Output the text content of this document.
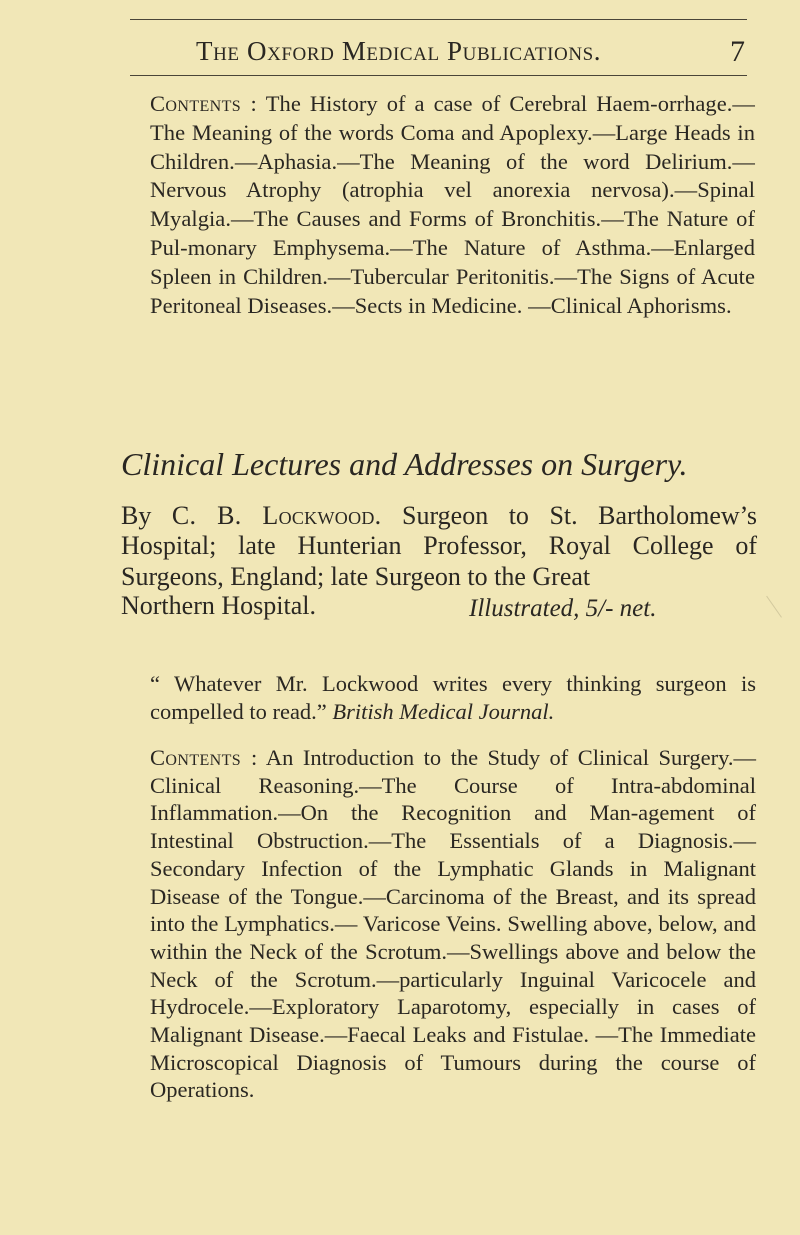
The Oxford Medical Publications.	7
Contents : The History of a case of Cerebral Haem-orrhage.—The Meaning of the words Coma and Apoplexy.—Large Heads in Children.—Aphasia.—The Meaning of the word Delirium.—Nervous Atrophy (atrophia vel anorexia nervosa).—Spinal Myalgia.—The Causes and Forms of Bronchitis.—The Nature of Pul-monary Emphysema.—The Nature of Asthma.—Enlarged Spleen in Children.—Tubercular Peritonitis.—The Signs of Acute Peritoneal Diseases.—Sects in Medicine. —Clinical Aphorisms.
Clinical Lectures and Addresses on Surgery.
By C. B. Lockwood. Surgeon to St. Bartholomew’s Hospital; late Hunterian Professor, Royal College of Surgeons, England; late Surgeon to the Great
Northern Hospital.	Illustrated, 5/- net.
“ Whatever Mr. Lockwood writes every thinking surgeon is compelled to read.” British Medical Journal.
Contents : An Introduction to the Study of Clinical Surgery.—Clinical Reasoning.—The Course of Intra-abdominal Inflammation.—On the Recognition and Man-agement of Intestinal Obstruction.—The Essentials of a Diagnosis.—Secondary Infection of the Lymphatic Glands in Malignant Disease of the Tongue.—Carcinoma of the Breast, and its spread into the Lymphatics.— Varicose Veins. Swelling above, below, and within the Neck of the Scrotum.—Swellings above and below the Neck of the Scrotum.—particularly Inguinal Varicocele and Hydrocele.—Exploratory Laparotomy, especially in cases of Malignant Disease.—Faecal Leaks and Fistulae. —The Immediate Microscopical Diagnosis of Tumours during the course of Operations.
